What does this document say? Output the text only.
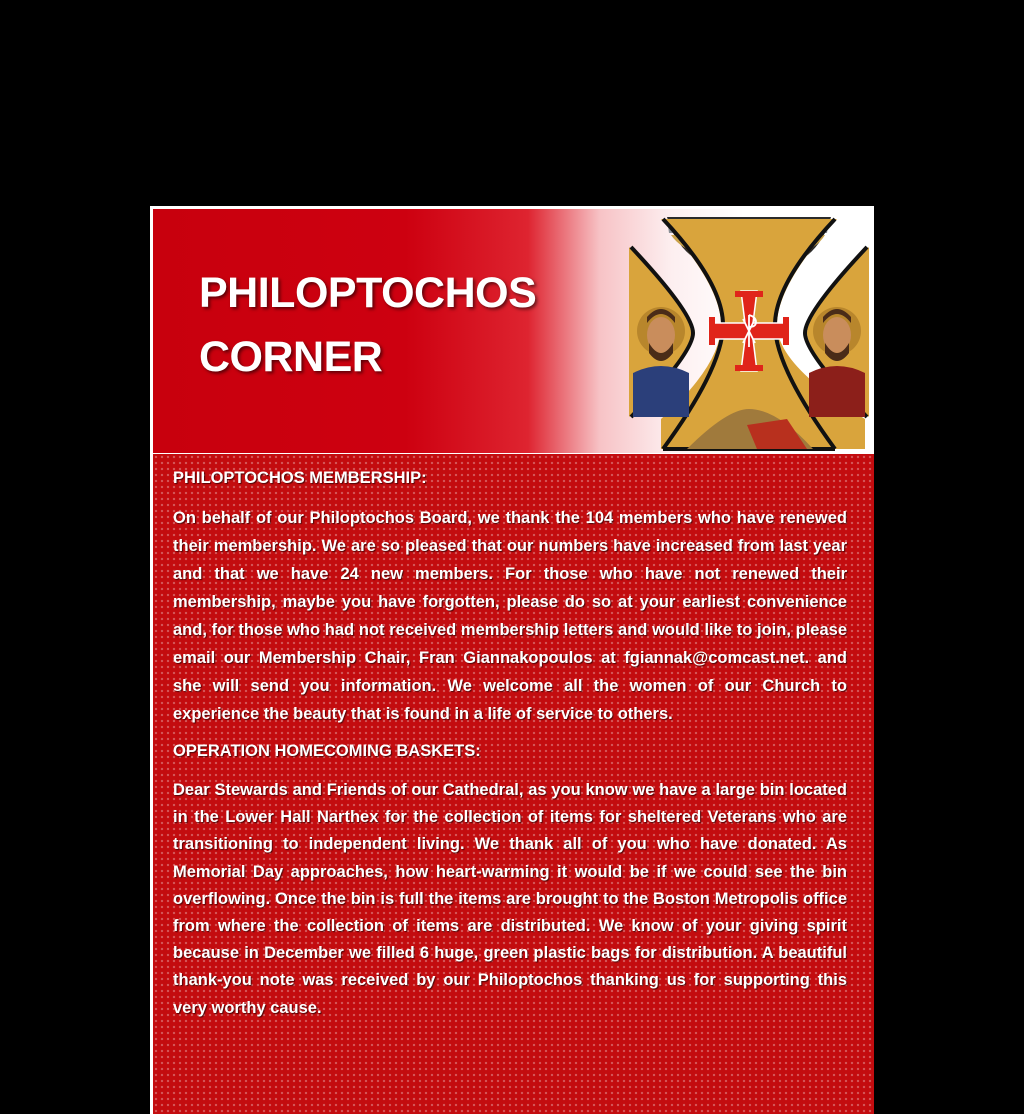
PHILOPTOCHOS
CORNER
PHILOPTOCHOS MEMBERSHIP:

On behalf of our Philoptochos Board, we thank the 104 members who have renewed their membership. We are so pleased that our numbers have increased from last year and that we have 24 new members. For those who have not renewed their membership, maybe you have forgotten, please do so at your earliest convenience and, for those who had not received membership letters and would like to join, please email our Membership Chair, Fran Giannakopoulos at fgiannak@comcast.net. and she will send you information. We welcome all the women of our Church to experience the beauty that is found in a life of service to others.

OPERATION HOMECOMING BASKETS:

Dear Stewards and Friends of our Cathedral, as you know we have a large bin located in the Lower Hall Narthex for the collection of items for sheltered Veterans who are transitioning to independent living. We thank all of you who have donated. As Memorial Day approaches, how heart-warming it would be if we could see the bin overflowing. Once the bin is full the items are brought to the Boston Metropolis office from where the collection of items are distributed. We know of your giving spirit because in December we filled 6 huge, green plastic bags for distribution. A beautiful thank-you note was received by our Philoptochos thanking us for supporting this very worthy cause.
